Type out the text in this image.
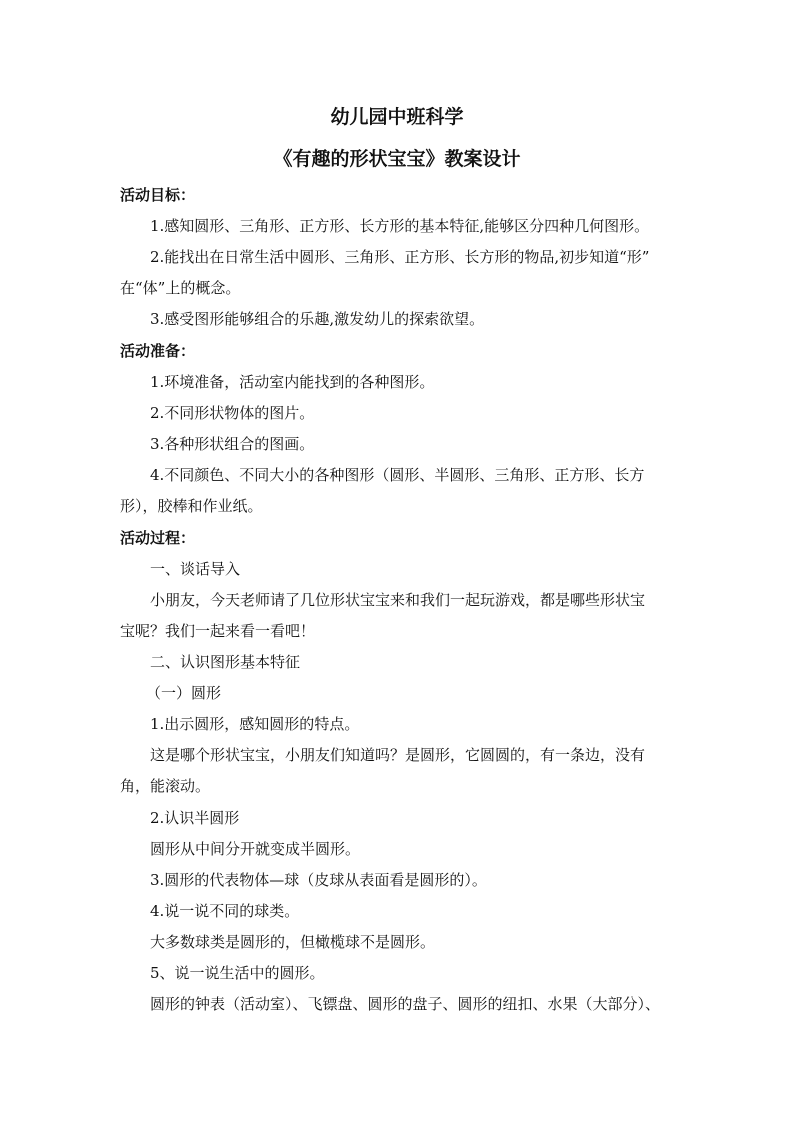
幼儿园中班科学

《有趣的形状宝宝》教案设计

活动目标：

1.感知圆形、三角形、正方形、长方形的基本特征,能够区分四种几何图形。

2.能找出在日常生活中圆形、三角形、正方形、长方形的物品,初步知道“形”

在“体”上的概念。

3.感受图形能够组合的乐趣,激发幼儿的探索欲望。

活动准备：

1.环境准备，活动室内能找到的各种图形。

2.不同形状物体的图片。

3.各种形状组合的图画。

4.不同颜色、不同大小的各种图形（圆形、半圆形、三角形、正方形、长方

形），胶棒和作业纸。

活动过程：

一、谈话导入

小朋友，今天老师请了几位形状宝宝来和我们一起玩游戏，都是哪些形状宝

宝呢？我们一起来看一看吧！

二、认识图形基本特征

（一）圆形

1.出示圆形，感知圆形的特点。

这是哪个形状宝宝，小朋友们知道吗？是圆形，它圆圆的，有一条边，没有

角，能滚动。

2.认识半圆形

圆形从中间分开就变成半圆形。

3.圆形的代表物体—球（皮球从表面看是圆形的）。

4.说一说不同的球类。

大多数球类是圆形的，但橄榄球不是圆形。

5、说一说生活中的圆形。

圆形的钟表（活动室）、飞镖盘、圆形的盘子、圆形的纽扣、水果（大部分）、
